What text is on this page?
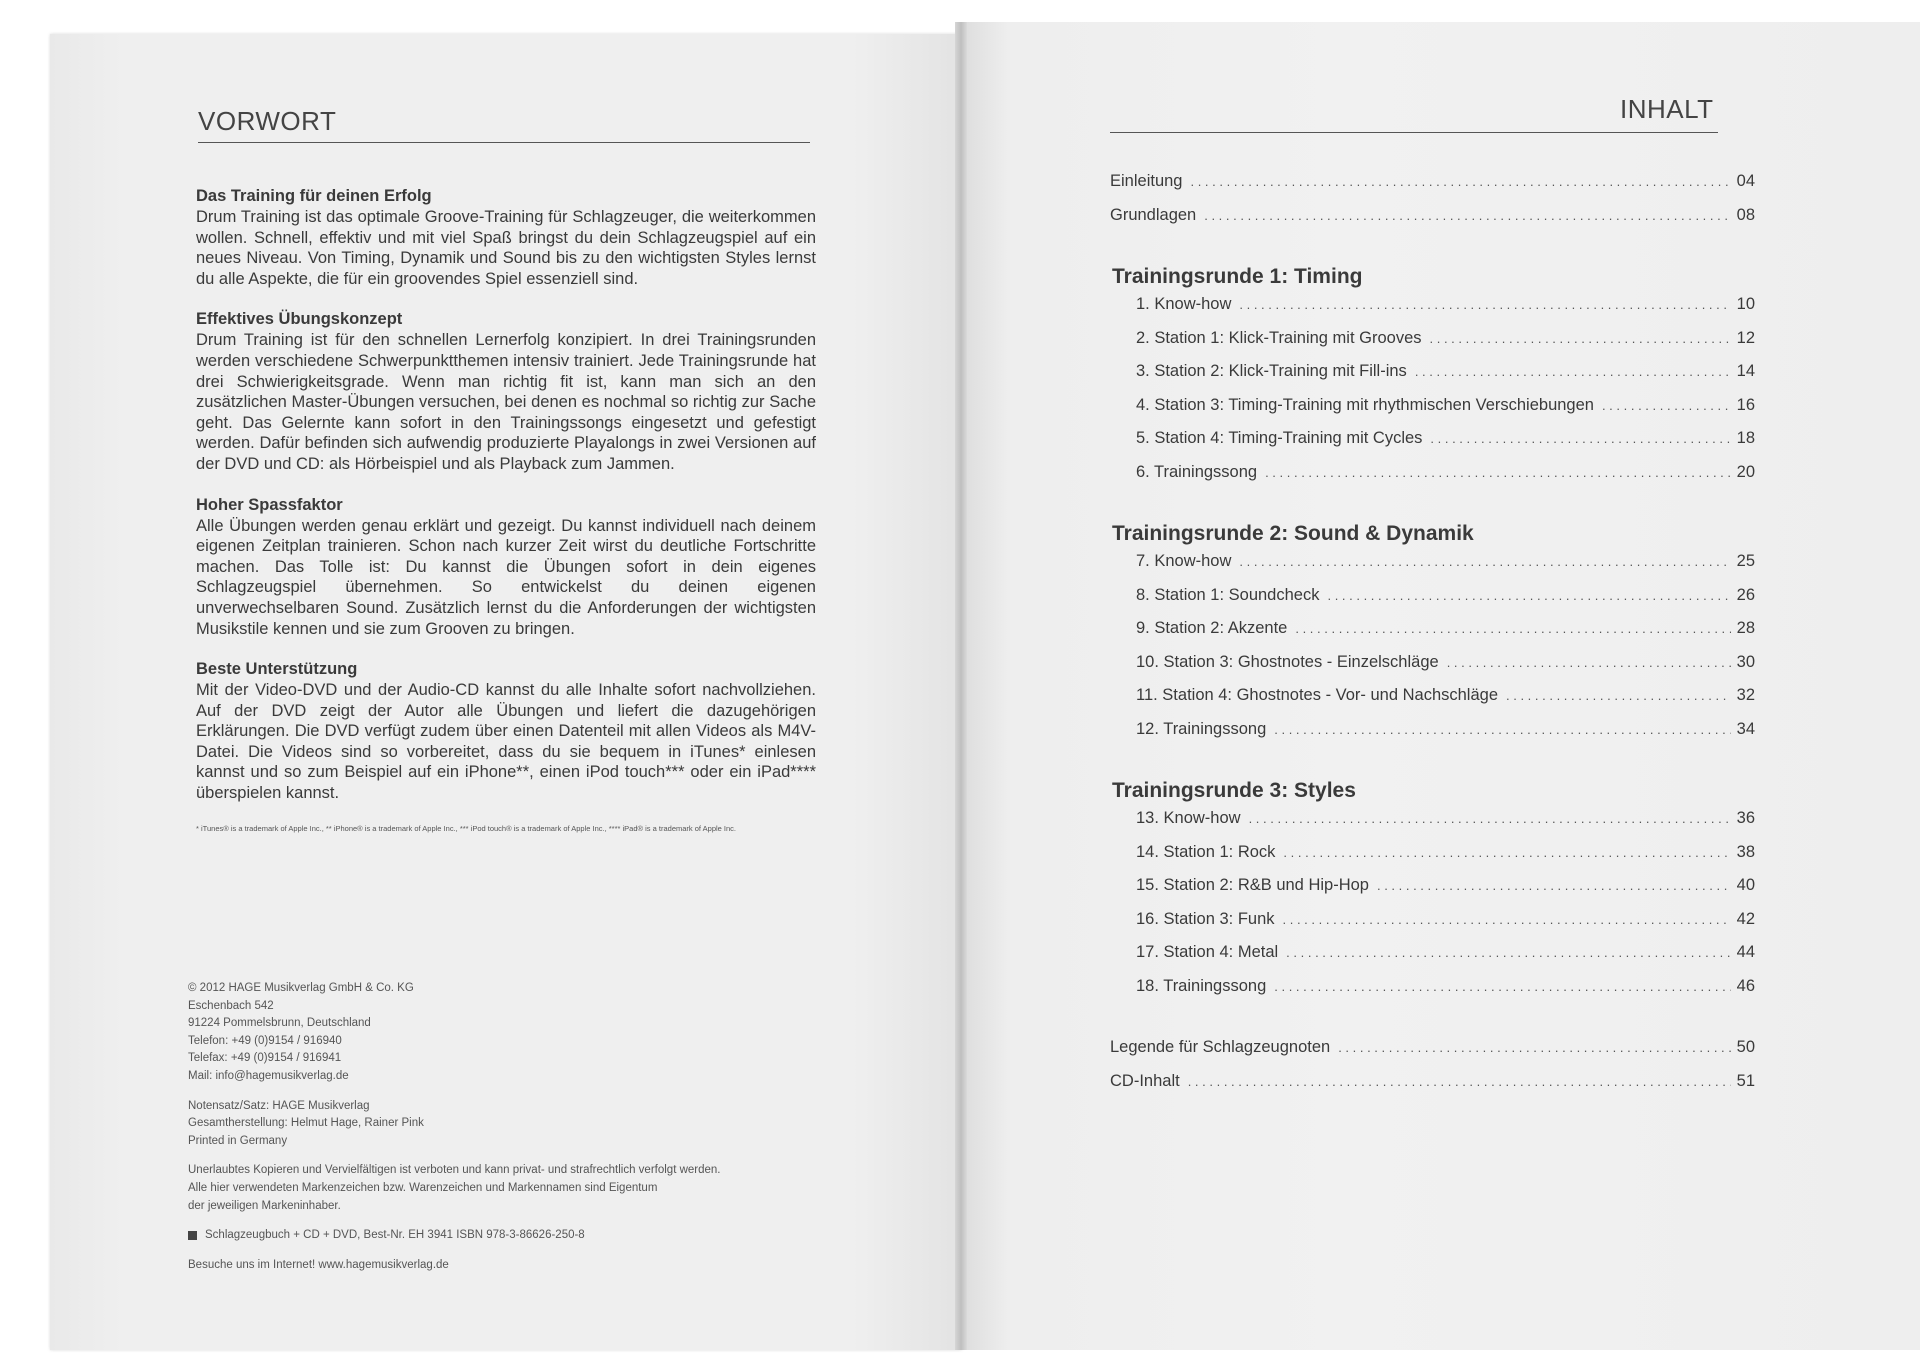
VORWORT
Das Training für deinen Erfolg

Drum Training ist das optimale Groove-Training für Schlagzeuger, die weiterkommen wollen. Schnell, effektiv und mit viel Spaß bringst du dein Schlagzeugspiel auf ein neues Niveau. Von Timing, Dynamik und Sound bis zu den wichtigsten Styles lernst du alle Aspekte, die für ein groovendes Spiel essenziell sind.

Effektives Übungskonzept

Drum Training ist für den schnellen Lernerfolg konzipiert. In drei Trainingsrunden werden verschiedene Schwerpunktthemen intensiv trainiert. Jede Trainingsrunde hat drei Schwierigkeitsgrade. Wenn man richtig fit ist, kann man sich an den zusätzlichen Master-Übungen versuchen, bei denen es nochmal so richtig zur Sache geht. Das Gelernte kann sofort in den Trainingssongs eingesetzt und gefestigt werden. Dafür befinden sich aufwendig produzierte Playalongs in zwei Versionen auf der DVD und CD: als Hörbeispiel und als Playback zum Jammen.

Hoher Spassfaktor

Alle Übungen werden genau erklärt und gezeigt. Du kannst individuell nach deinem eigenen Zeitplan trainieren. Schon nach kurzer Zeit wirst du deutliche Fortschritte machen. Das Tolle ist: Du kannst die Übungen sofort in dein eigenes Schlagzeugspiel übernehmen. So entwickelst du deinen eigenen unverwechselbaren Sound. Zusätzlich lernst du die Anforderungen der wichtigsten Musikstile kennen und sie zum Grooven zu bringen.

Beste Unterstützung

Mit der Video-DVD und der Audio-CD kannst du alle Inhalte sofort nachvollziehen. Auf der DVD zeigt der Autor alle Übungen und liefert die dazugehörigen Erklärungen. Die DVD verfügt zudem über einen Datenteil mit allen Videos als M4V-Datei. Die Videos sind so vorbereitet, dass du sie bequem in iTunes* einlesen kannst und so zum Beispiel auf ein iPhone**, einen iPod touch*** oder ein iPad**** überspielen kannst.

* iTunes® is a trademark of Apple Inc., ** iPhone® is a trademark of Apple Inc., *** iPod touch® is a trademark of Apple Inc., **** iPad® is a trademark of Apple Inc.
© 2012 HAGE Musikverlag GmbH & Co. KG
Eschenbach 542
91224 Pommelsbrunn, Deutschland
Telefon: +49 (0)9154 / 916940
Telefax: +49 (0)9154 / 916941
Mail: info@hagemusikverlag.de
Notensatz/Satz: HAGE Musikverlag
Gesamtherstellung: Helmut Hage, Rainer Pink
Printed in Germany
Unerlaubtes Kopieren und Vervielfältigen ist verboten und kann privat- und strafrechtlich verfolgt werden.
Alle hier verwendeten Markenzeichen bzw. Warenzeichen und Markennamen sind Eigentum
der jeweiligen Markeninhaber.
Schlagzeugbuch + CD + DVD, Best-Nr. EH 3941 ISBN 978-3-86626-250-8
Besuche uns im Internet! www.hagemusikverlag.de
INHALT
Einleitung . . .	04
Grundlagen . . .	08
Trainingsrunde 1: Timing
1. Know-how . . .	10
2. Station 1: Klick-Training mit Grooves . . .	12
3. Station 2: Klick-Training mit Fill-ins . . .	14
4. Station 3: Timing-Training mit rhythmischen Verschiebungen . . .	16
5. Station 4: Timing-Training mit Cycles . . .	18
6. Trainingssong . . .	20
Trainingsrunde 2: Sound & Dynamik
7. Know-how . . .	25
8. Station 1: Soundcheck . . .	26
9. Station 2: Akzente . . .	28
10. Station 3: Ghostnotes - Einzelschläge . . .	30
11. Station 4: Ghostnotes - Vor- und Nachschläge . . .	32
12. Trainingssong . . .	34
Trainingsrunde 3: Styles
13. Know-how . . .	36
14. Station 1: Rock . . .	38
15. Station 2: R&B und Hip-Hop . . .	40
16. Station 3: Funk . . .	42
17. Station 4: Metal . . .	44
18. Trainingssong . . .	46
Legende für Schlagzeugnoten . . .	50
CD-Inhalt . . .	51
